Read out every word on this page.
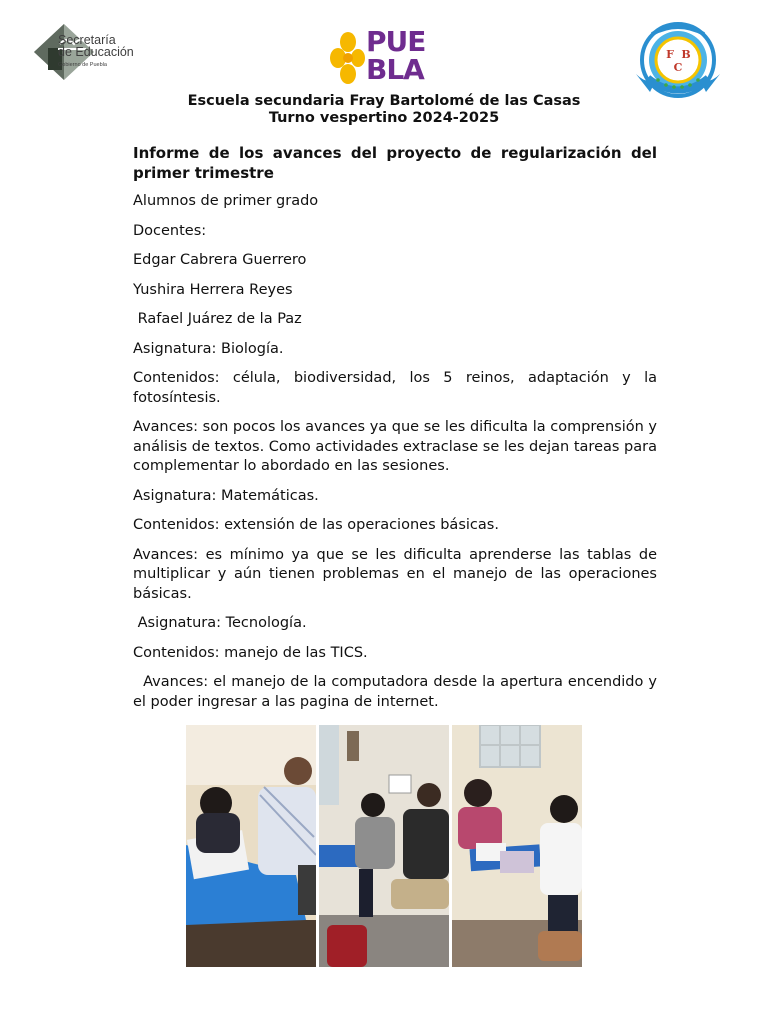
Secretaría
de Educación
Gobierno de Puebla
PUE
BLA	F B
C
Escuela secundaria Fray Bartolomé de las Casas
Turno vespertino 2024-2025

Informe de los avances del proyecto de regularización del primer trimestre

Alumnos de primer grado

Docentes:

Edgar Cabrera Guerrero

Yushira Herrera Reyes

Rafael Juárez de la Paz

Asignatura: Biología.

Contenidos: célula, biodiversidad, los 5 reinos, adaptación y la fotosíntesis.

Avances: son pocos los avances ya que se les dificulta la comprensión y análisis de textos. Como actividades extraclase se les dejan tareas para complementar lo abordado en las sesiones.

Asignatura: Matemáticas.

Contenidos: extensión de las operaciones básicas.

Avances: es mínimo ya que se les dificulta aprenderse las tablas de multiplicar y aún tienen problemas en el manejo de las operaciones básicas.

Asignatura: Tecnología.

Contenidos: manejo de las TICS.

Avances: el manejo de la computadora desde la apertura encendido y el poder ingresar a las pagina de internet.
